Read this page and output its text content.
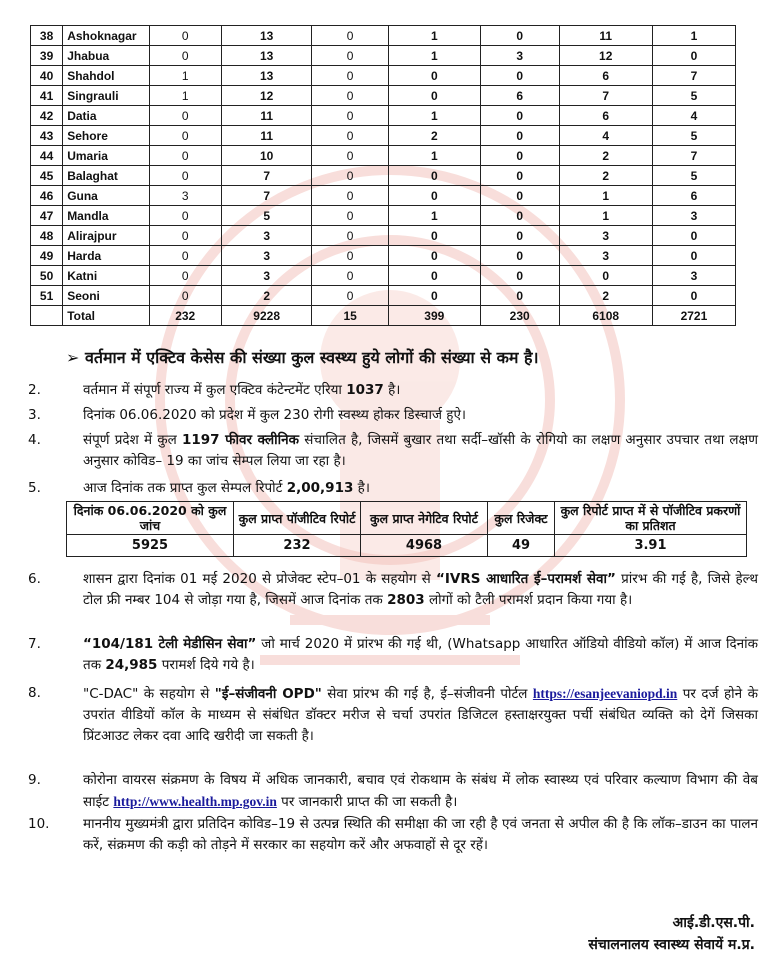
38	Ashoknagar	0	13	0	1	0	11	1
39	Jhabua	0	13	0	1	3	12	0
40	Shahdol	1	13	0	0	0	6	7
41	Singrauli	1	12	0	0	6	7	5
42	Datia	0	11	0	1	0	6	4
43	Sehore	0	11	0	2	0	4	5
44	Umaria	0	10	0	1	0	2	7
45	Balaghat	0	7	0	0	0	2	5
46	Guna	3	7	0	0	0	1	6
47	Mandla	0	5	0	1	0	1	3
48	Alirajpur	0	3	0	0	0	3	0
49	Harda	0	3	0	0	0	3	0
50	Katni	0	3	0	0	0	0	3
51	Seoni	0	2	0	0	0	2	0
	Total	232	9228	15	399	230	6108	2721
➢ वर्तमान में एक्टिव केसेस की संख्या कुल स्वस्थ्य हुये लोगों की संख्या से कम है।
2.	वर्तमान में संपूर्ण राज्य में कुल एक्टिव कंटेन्टमेंट एरिया 1037 है।
3.	दिनांक 06.06.2020 को प्रदेश में कुल 230 रोगी स्वस्थ्य होकर डिस्चार्ज हुऐ।
4.	संपूर्ण प्रदेश में कुल 1197 फीवर क्लीनिक संचालित है, जिसमें बुखार तथा सर्दी–खॉसी के रोगियो का लक्षण अनुसार उपचार तथा लक्षण अनुसार कोविड– 19 का जांच सेम्पल लिया जा रहा है।
5.	आज दिनांक तक प्राप्त कुल सेम्पल रिपोर्ट 2,00,913 है।
दिनांक 06.06.2020 को कुल जांच	कुल प्राप्त पॉजीटिव रिपोर्ट	कुल प्राप्त नेगेटिव रिपोर्ट	कुल रिजेक्ट	कुल रिपोर्ट प्राप्त में से पॉजीटिव प्रकरणों का प्रतिशत
5925	232	4968	49	3.91
6.	शासन द्वारा दिनांक 01 मई 2020 से प्रोजेक्ट स्टेप–01 के सहयोग से “IVRS आधारित ई–परामर्श सेवा” प्रांरभ की गई है, जिसे हेल्थ टोल फ्री नम्बर 104 से जोड़ा गया है, जिसमें आज दिनांक तक 2803 लोगों को टैली परामर्श प्रदान किया गया है।
7.	“104/181 टेली मेडीसिन सेवा” जो मार्च 2020 में प्रांरभ की गई थी, (Whatsapp आधारित ऑडियो वीडियो कॉल) में आज दिनांक तक 24,985 परामर्श दिये गये है।
8.	"C-DAC" के सहयोग से "ई–संजीवनी OPD" सेवा प्रांरभ की गई है, ई–संजीवनी पोर्टल https://esanjeevaniopd.in पर दर्ज होने के उपरांत वीडियों कॉल के माध्यम से संबंधित डॉक्टर मरीज से चर्चा उपरांत डिजिटल हस्ताक्षरयुक्त पर्ची संबंधित व्यक्ति को देगें जिसका प्रिंटआउट लेकर दवा आदि खरीदी जा सकती है।
9.	कोरोना वायरस संक्रमण के विषय में अधिक जानकारी, बचाव एवं रोकथाम के संबंध में लोक स्वास्थ्य एवं परिवार कल्याण विभाग की वेब साईट http://www.health.mp.gov.in पर जानकारी प्राप्त की जा सकती है।
10.	माननीय मुख्यमंत्री द्वारा प्रतिदिन कोविड–19 से उत्पन्न स्थिति की समीक्षा की जा रही है एवं जनता से अपील की है कि लॉक–डाउन का पालन करें, संक्रमण की कड़ी को तोड़ने में सरकार का सहयोग करें और अफवाहों से दूर रहें।
आई.डी.एस.पी.
संचालनालय स्वास्थ्य सेवायें म.प्र.
